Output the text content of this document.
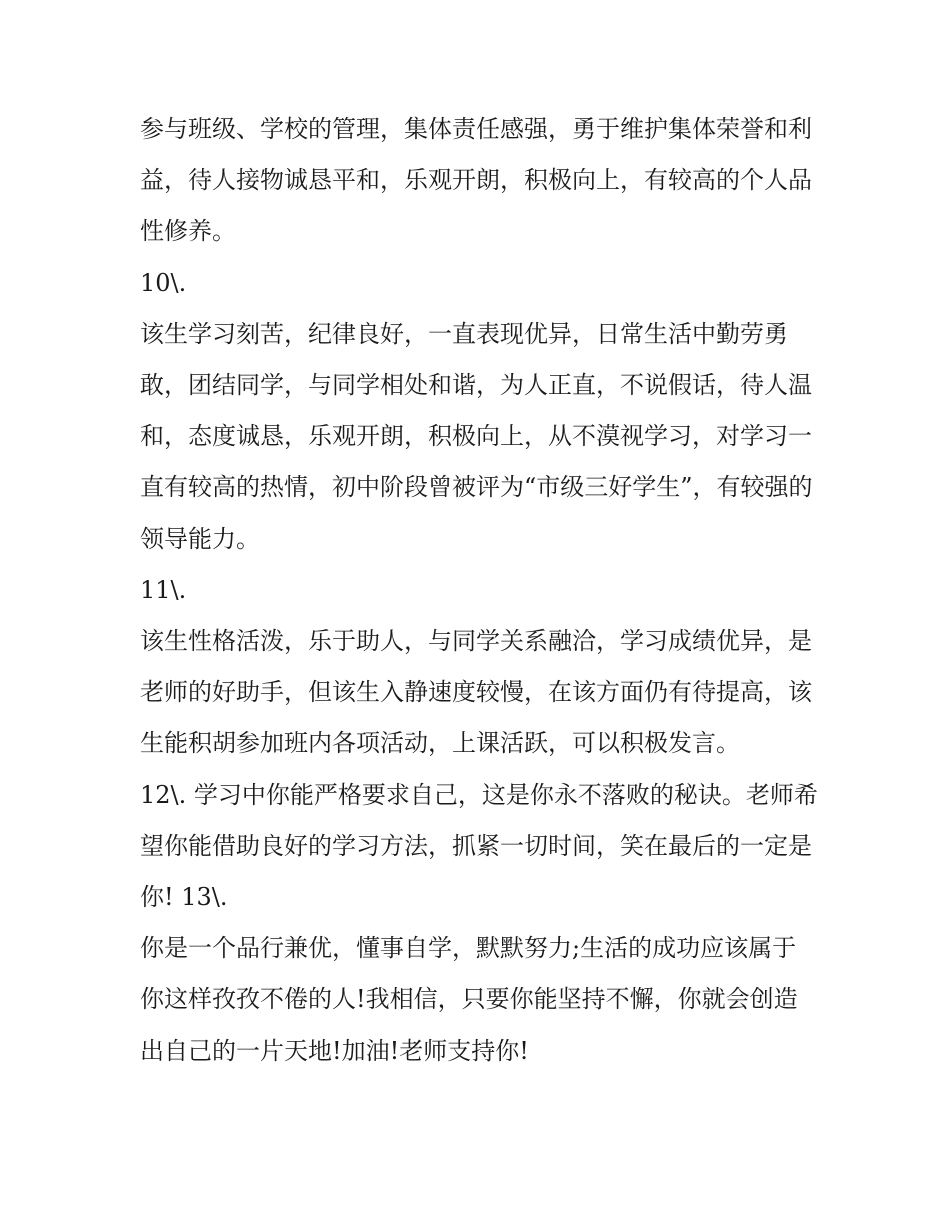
参与班级、学校的管理，集体责任感强，勇于维护集体荣誉和利益，待人接物诚恳平和，乐观开朗，积极向上，有较高的个人品性修养。

10\.

该生学习刻苦，纪律良好，一直表现优异，日常生活中勤劳勇敢，团结同学，与同学相处和谐，为人正直，不说假话，待人温和，态度诚恳，乐观开朗，积极向上，从不漠视学习，对学习一直有较高的热情，初中阶段曾被评为“市级三好学生”，有较强的领导能力。

11\.

该生性格活泼，乐于助人，与同学关系融洽，学习成绩优异，是老师的好助手，但该生入静速度较慢，在该方面仍有待提高，该生能积胡参加班内各项活动，上课活跃，可以积极发言。

12\. 学习中你能严格要求自己，这是你永不落败的秘诀。老师希望你能借助良好的学习方法，抓紧一切时间，笑在最后的一定是你! 13\.

你是一个品行兼优，懂事自学，默默努力;生活的成功应该属于你这样孜孜不倦的人!我相信，只要你能坚持不懈，你就会创造出自己的一片天地!加油!老师支持你!
